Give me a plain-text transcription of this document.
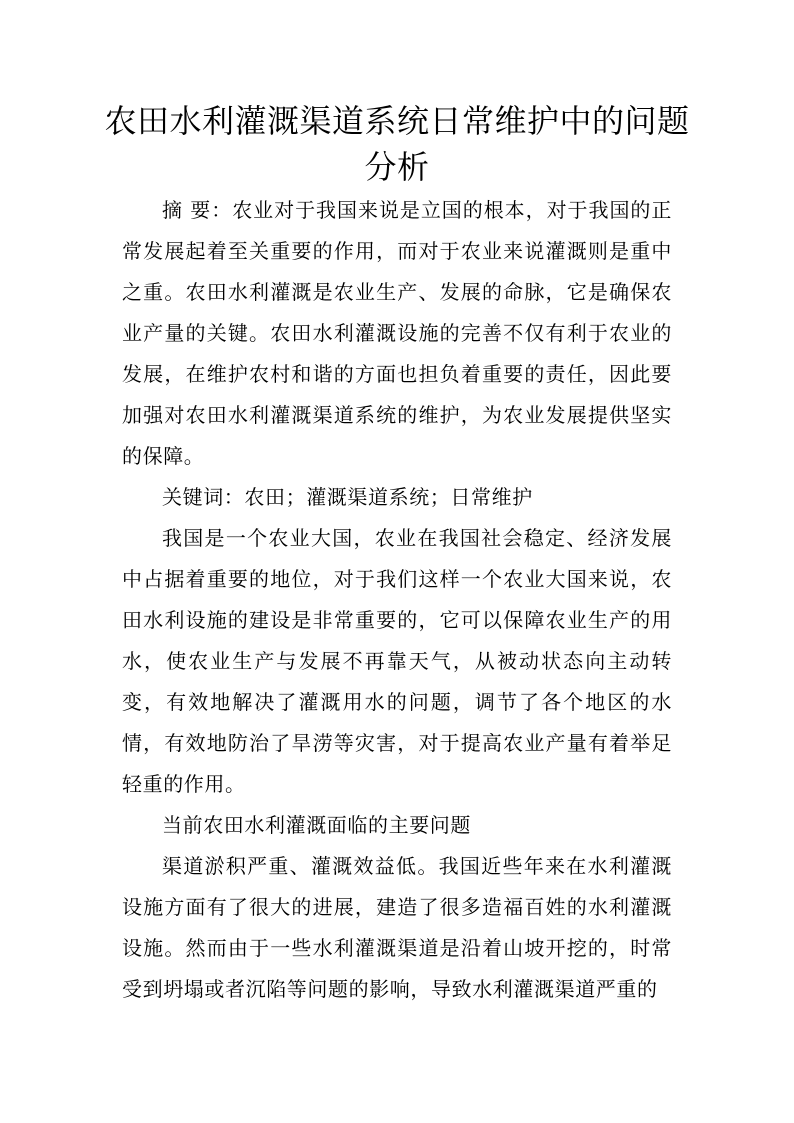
农田水利灌溉渠道系统日常维护中的问题分析

摘 要：农业对于我国来说是立国的根本，对于我国的正常发展起着至关重要的作用，而对于农业来说灌溉则是重中之重。农田水利灌溉是农业生产、发展的命脉，它是确保农业产量的关键。农田水利灌溉设施的完善不仅有利于农业的发展，在维护农村和谐的方面也担负着重要的责任，因此要加强对农田水利灌溉渠道系统的维护，为农业发展提供坚实的保障。

关键词：农田；灌溉渠道系统；日常维护

我国是一个农业大国，农业在我国社会稳定、经济发展中占据着重要的地位，对于我们这样一个农业大国来说，农田水利设施的建设是非常重要的，它可以保障农业生产的用水，使农业生产与发展不再靠天气，从被动状态向主动转变，有效地解决了灌溉用水的问题，调节了各个地区的水情，有效地防治了旱涝等灾害，对于提高农业产量有着举足轻重的作用。

当前农田水利灌溉面临的主要问题

渠道淤积严重、灌溉效益低。我国近些年来在水利灌溉设施方面有了很大的进展，建造了很多造福百姓的水利灌溉设施。然而由于一些水利灌溉渠道是沿着山坡开挖的，时常受到坍塌或者沉陷等问题的影响，导致水利灌溉渠道严重的
